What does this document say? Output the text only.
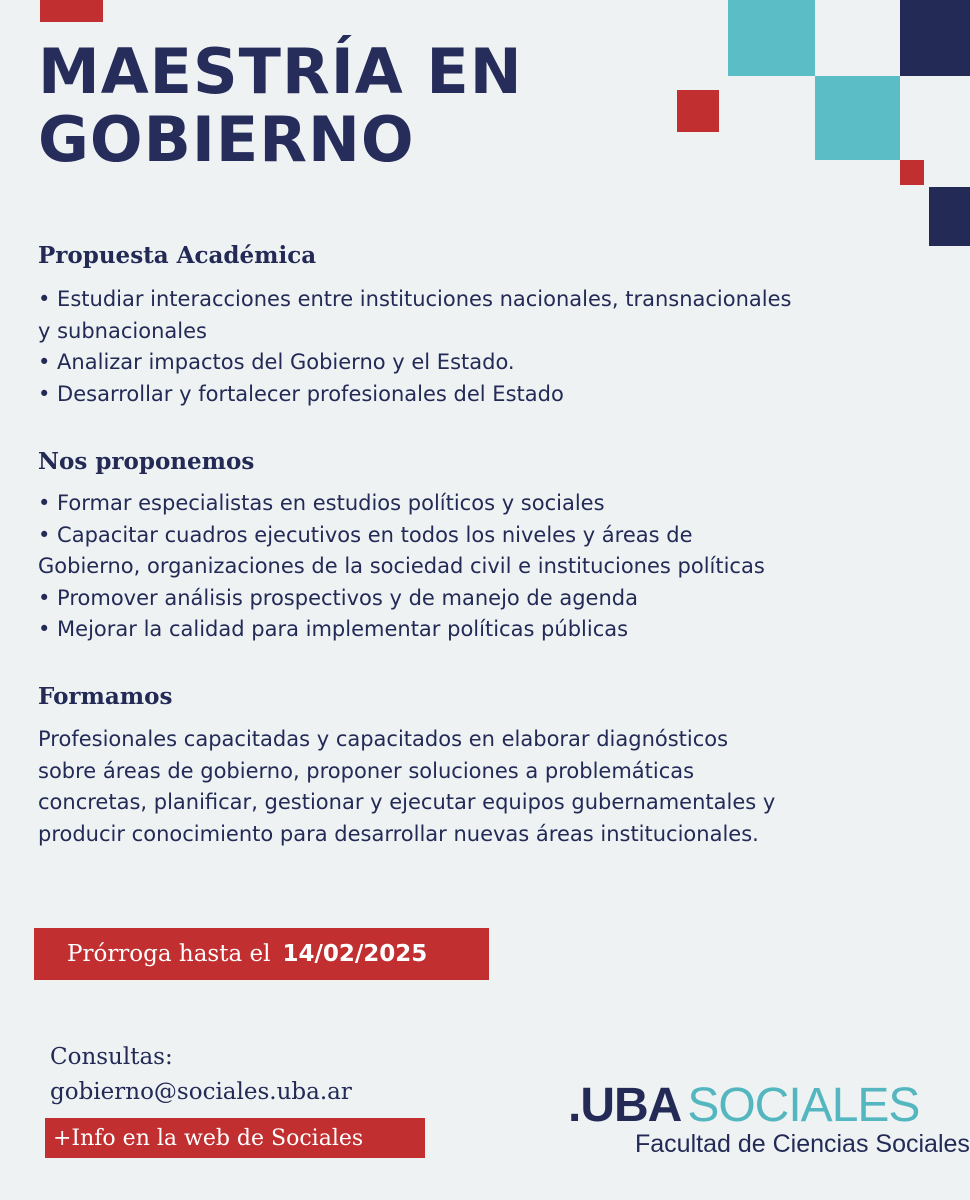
MAESTRÍA EN
GOBIERNO
Propuesta Académica
• Estudiar interacciones entre instituciones nacionales, transnacionales
y subnacionales
• Analizar impactos del Gobierno y el Estado.
• Desarrollar y fortalecer profesionales del Estado
Nos proponemos
• Formar especialistas en estudios políticos y sociales
• Capacitar cuadros ejecutivos en todos los niveles y áreas de
Gobierno, organizaciones de la sociedad civil e instituciones políticas
• Promover análisis prospectivos y de manejo de agenda
• Mejorar la calidad para implementar políticas públicas
Formamos
Profesionales capacitadas y capacitados en elaborar diagnósticos
sobre áreas de gobierno, proponer soluciones a problemáticas
concretas, planificar, gestionar y ejecutar equipos gubernamentales y
producir conocimiento para desarrollar nuevas áreas institucionales.
Prórroga hasta el 14/02/2025
Consultas:
gobierno@sociales.uba.ar
+Info en la web de Sociales
.UBA SOCIALES
Facultad de Ciencias Sociales
